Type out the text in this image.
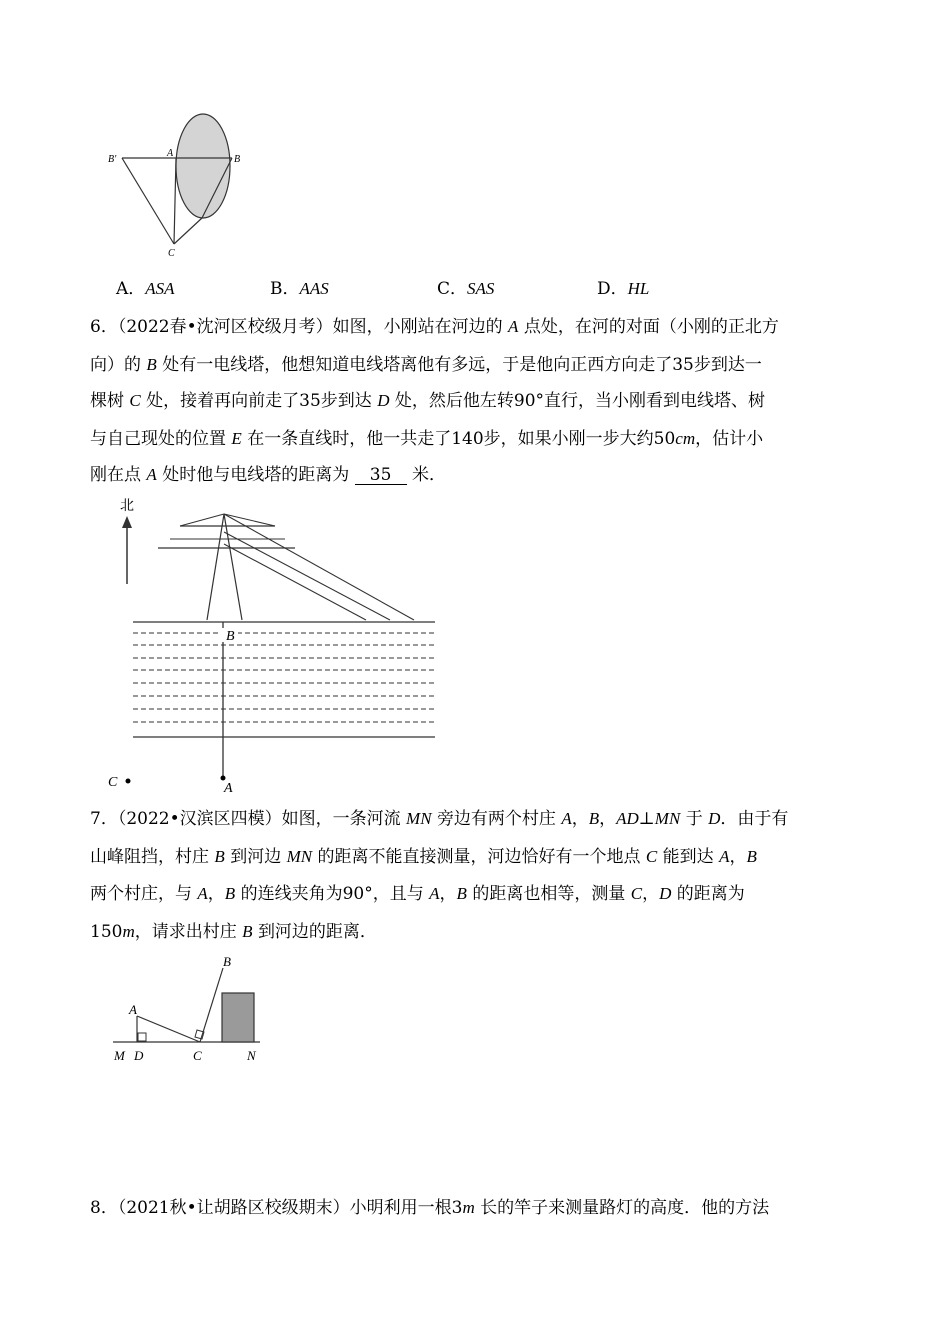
B'
A
B
C
A．ASA	B．AAS	C．SAS	D．HL
6．（2022春•沈河区校级月考）如图，小刚站在河边的 A 点处，在河的对面（小刚的正北方
向）的 B 处有一电线塔，他想知道电线塔离他有多远，于是他向正西方向走了35步到达一
棵树 C 处，接着再向前走了35步到达 D 处，然后他左转90°直行，当小刚看到电线塔、树
与自己现处的位置 E 在一条直线时，他一共走了140步，如果小刚一步大约50cm，估计小
刚在点 A 处时他与电线塔的距离为 35 米．
北
B
A
C
7．（2022•汉滨区四模）如图，一条河流 MN 旁边有两个村庄 A，B，AD⊥MN 于 D．由于有
山峰阻挡，村庄 B 到河边 MN 的距离不能直接测量，河边恰好有一个地点 C 能到达 A，B
两个村庄，与 A，B 的连线夹角为90°，且与 A，B 的距离也相等，测量 C，D 的距离为
150m，请求出村庄 B 到河边的距离．
B
A
M D	C	N
8．（2021秋•让胡路区校级期末）小明利用一根3m 长的竿子来测量路灯的高度．他的方法
